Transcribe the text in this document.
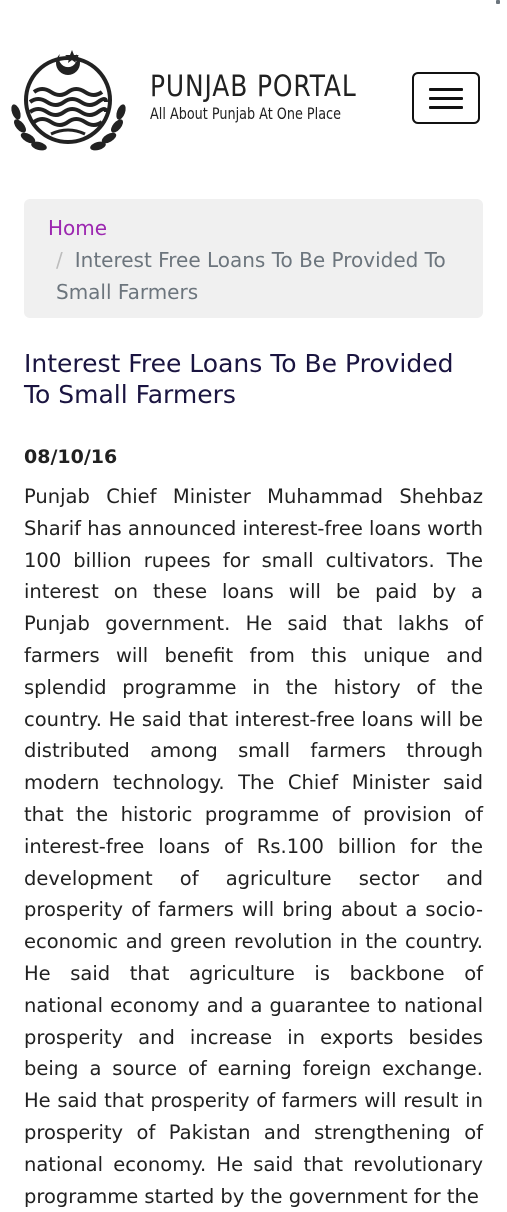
PUNJAB PORTAL
All About Punjab At One Place
Home
/ Interest Free Loans To Be Provided To Small Farmers
Interest Free Loans To Be Provided To Small Farmers
08/10/16

Punjab Chief Minister Muhammad Shehbaz Sharif has announced interest-free loans worth 100 billion rupees for small cultivators. The interest on these loans will be paid by a Punjab government. He said that lakhs of farmers will benefit from this unique and splendid programme in the history of the country. He said that interest-free loans will be distributed among small farmers through modern technology. The Chief Minister said that the historic programme of provision of interest-free loans of Rs.100 billion for the development of agriculture sector and prosperity of farmers will bring about a socio-economic and green revolution in the country. He said that agriculture is backbone of national economy and a guarantee to national prosperity and increase in exports besides being a source of earning foreign exchange. He said that prosperity of farmers will result in prosperity of Pakistan and strengthening of national economy. He said that revolutionary programme started by the government for the
